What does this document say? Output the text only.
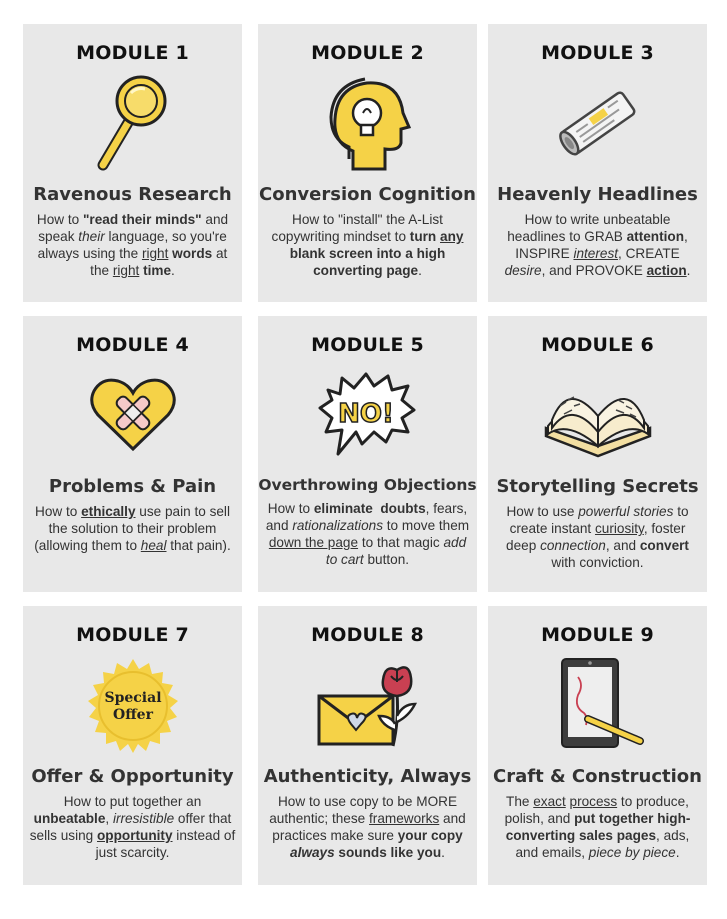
MODULE 1
Ravenous Research
How to "read their minds" and speak their language, so you're always using the right words at the right time.
MODULE 2
Conversion Cognition
How to "install" the A-List copywriting mindset to turn any blank screen into a high converting page.
MODULE 3
Heavenly Headlines
How to write unbeatable headlines to GRAB attention, INSPIRE interest, CREATE desire, and PROVOKE action.
MODULE 4
Problems & Pain
How to ethically use pain to sell the solution to their problem (allowing them to heal that pain).
MODULE 5
NO!
Overthrowing Objections
How to eliminate  doubts, fears, and rationalizations to move them down the page to that magic add to cart button.
MODULE 6
Storytelling Secrets
How to use powerful stories to create instant curiosity, foster deep connection, and convert with conviction.
MODULE 7
Special
Offer
Offer & Opportunity
How to put together an unbeatable, irresistible offer that sells using opportunity instead of just scarcity.
MODULE 8
Authenticity, Always
How to use copy to be MORE authentic; these frameworks and practices make sure your copy always sounds like you.
MODULE 9
Craft & Construction
The exact process to produce, polish, and put together high-converting sales pages, ads, and emails, piece by piece.
